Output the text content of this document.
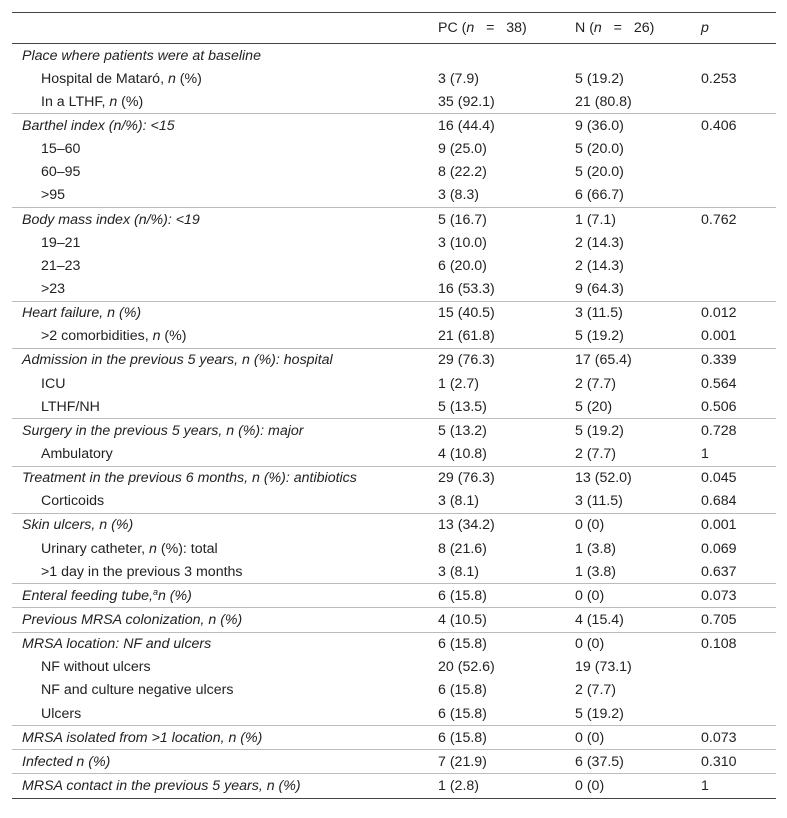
	PC (n = 38)	N (n = 26)	p
Place where patients were at baseline			
Hospital de Mataró, n (%)	3 (7.9)	5 (19.2)	0.253
In a LTHF, n (%)	35 (92.1)	21 (80.8)	
Barthel index (n/%): <15	16 (44.4)	9 (36.0)	0.406
15–60	9 (25.0)	5 (20.0)	
60–95	8 (22.2)	5 (20.0)	
>95	3 (8.3)	6 (66.7)	
Body mass index (n/%): <19	5 (16.7)	1 (7.1)	0.762
19–21	3 (10.0)	2 (14.3)	
21–23	6 (20.0)	2 (14.3)	
>23	16 (53.3)	9 (64.3)	
Heart failure, n (%)	15 (40.5)	3 (11.5)	0.012
>2 comorbidities, n (%)	21 (61.8)	5 (19.2)	0.001
Admission in the previous 5 years, n (%): hospital	29 (76.3)	17 (65.4)	0.339
ICU	1 (2.7)	2 (7.7)	0.564
LTHF/NH	5 (13.5)	5 (20)	0.506
Surgery in the previous 5 years, n (%): major	5 (13.2)	5 (19.2)	0.728
Ambulatory	4 (10.8)	2 (7.7)	1
Treatment in the previous 6 months, n (%): antibiotics	29 (76.3)	13 (52.0)	0.045
Corticoids	3 (8.1)	3 (11.5)	0.684
Skin ulcers, n (%)	13 (34.2)	0 (0)	0.001
Urinary catheter, n (%): total	8 (21.6)	1 (3.8)	0.069
>1 day in the previous 3 months	3 (8.1)	1 (3.8)	0.637
Enteral feeding tube,$^a$n (%)	6 (15.8)	0 (0)	0.073
Previous MRSA colonization, n (%)	4 (10.5)	4 (15.4)	0.705
MRSA location: NF and ulcers	6 (15.8)	0 (0)	0.108
NF without ulcers	20 (52.6)	19 (73.1)	
NF and culture negative ulcers	6 (15.8)	2 (7.7)	
Ulcers	6 (15.8)	5 (19.2)	
MRSA isolated from >1 location, n (%)	6 (15.8)	0 (0)	0.073
Infected n (%)	7 (21.9)	6 (37.5)	0.310
MRSA contact in the previous 5 years, n (%)	1 (2.8)	0 (0)	1
